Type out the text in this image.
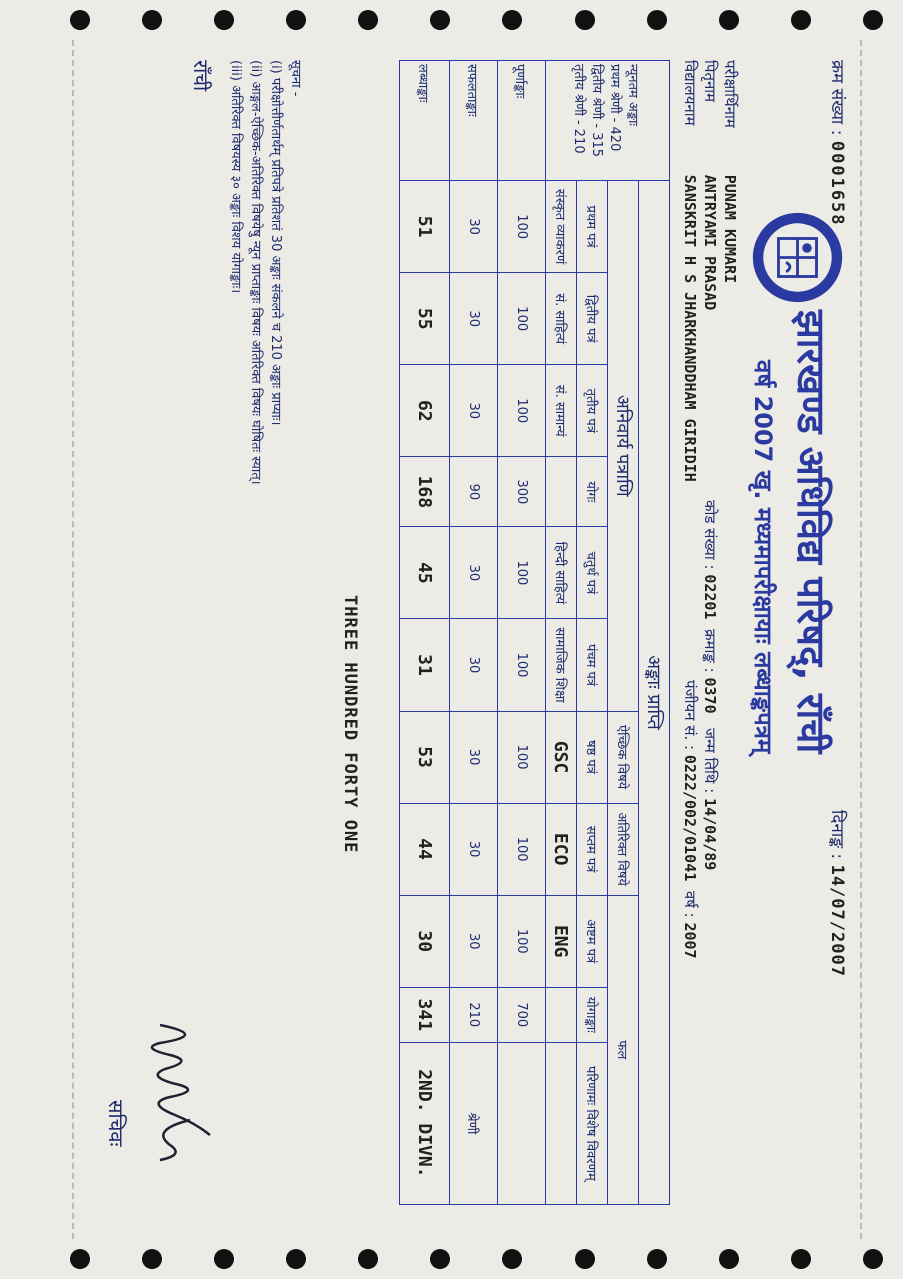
क्रम संख्या : 0001658
दिनाङ्क : 14/07/2007
झारखण्ड अधिविद्य परिषद्, राँची
वर्ष 2007 खृ. मध्यमापरीक्षायाः लब्धाङ्कपत्रम्
परीक्षार्थिनाम PUNAM KUMARI
पितृनाम ANTRYAMI PRASAD
कोड संख्या : 02201  क्रमाङ्क : 0370   जन्म तिथि : 14/04/89
विद्यालयनाम SANSKRIT H S JHARKHANDDHAM GIRIDIH
पंजीयन सं. : 0222/002/01041  वर्ष : 2007
न्यूनतम अङ्काः
प्रथम श्रेणी - 420
द्वितीय श्रेणी - 315
तृतीय श्रेणी - 210	अङ्काः प्राप्ति										
	अनिवार्य पत्राणि						ऐच्छिक विषये	अतिरिक्त विषये	फल		
	प्रथम पत्रं	द्वितीय पत्रं	तृतीय पत्रं	योगः	चतुर्थ पत्रं	पंचम पत्रं	षष्ठ पत्रं	सप्तम पत्रं	अष्टम पत्रं	योगाङ्काः	परिणामः विशेष विवरणम्
	संस्कृत व्याकरणं	सं. साहित्यं	सं. सामान्यं		हिन्दी साहित्यं	सामाजिक शिक्षा	GSC	ECO	ENG		
पूर्णाङ्काः	100	100	100	300	100	100	100	100	100	700	
सफलताङ्काः	30	30	30	90	30	30	30	30	30	210	श्रेणी
लब्धाङ्काः	51	55	62	168	45	31	53	44	30	341	2ND. DIVN.
THREE HUNDRED FORTY ONE
सूचना -
(i) परीक्षोत्तीर्णतार्थम् प्रतिपत्रे प्रतिशतं 30 अङ्काः संकलने च 210 अङ्काः प्राप्याः।
(ii) आङ्गल-ऐच्छिक-अतिरिक्त विषयेषु न्यून प्राप्ताङ्काः विषयः अतिरिक्त विषयः घोषितः स्यात्।
(iii) अतिरिक्त विषयस्य ३० अङ्काः विशय योगाङ्काः।
राँची
सचिवः
